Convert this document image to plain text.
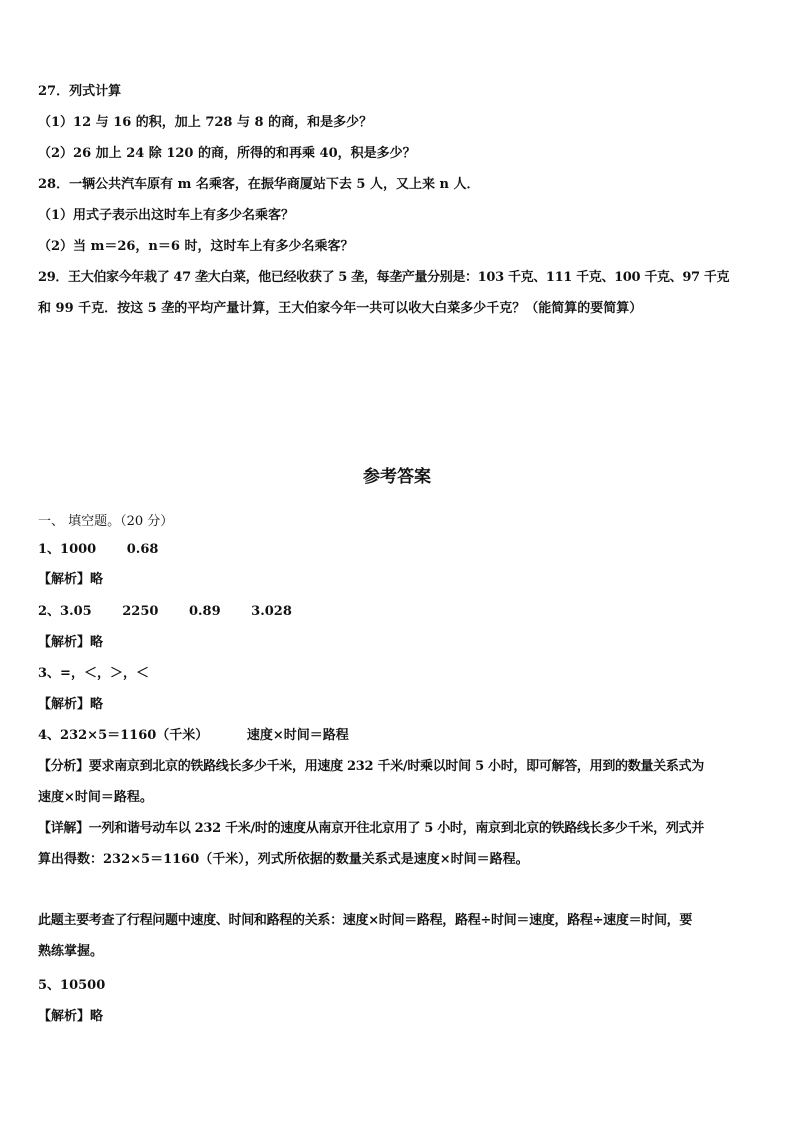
27．列式计算
（1）12 与 16 的积，加上 728 与 8 的商，和是多少？
（2）26 加上 24 除 120 的商，所得的和再乘 40，积是多少？
28．一辆公共汽车原有 m 名乘客，在振华商厦站下去 5 人，又上来 n 人．
（1）用式子表示出这时车上有多少名乘客？
（2）当 m＝26，n＝6 时，这时车上有多少名乘客？
29．王大伯家今年栽了 47 垄大白菜，他已经收获了 5 垄，每垄产量分别是：103 千克、111 千克、100 千克、97 千克
和 99 千克．按这 5 垄的平均产量计算，王大伯家今年一共可以收大白菜多少千克？（能简算的要简算）
参考答案
一、 填空题。（20 分）
1、1000 0.68
【解析】略
2、3.05 2250 0.89 3.028
【解析】略
3、=，＜，＞，＜
【解析】略
4、232×5＝1160（千米）	速度×时间＝路程
【分析】要求南京到北京的铁路线长多少千米，用速度 232 千米/时乘以时间 5 小时，即可解答，用到的数量关系式为
速度×时间＝路程。
【详解】一列和谐号动车以 232 千米/时的速度从南京开往北京用了 5 小时，南京到北京的铁路线长多少千米，列式并
算出得数：232×5＝1160（千米），列式所依据的数量关系式是速度×时间＝路程。
此题主要考查了行程问题中速度、时间和路程的关系：速度×时间＝路程，路程÷时间＝速度，路程÷速度＝时间，要
熟练掌握。
5、10500
【解析】略
